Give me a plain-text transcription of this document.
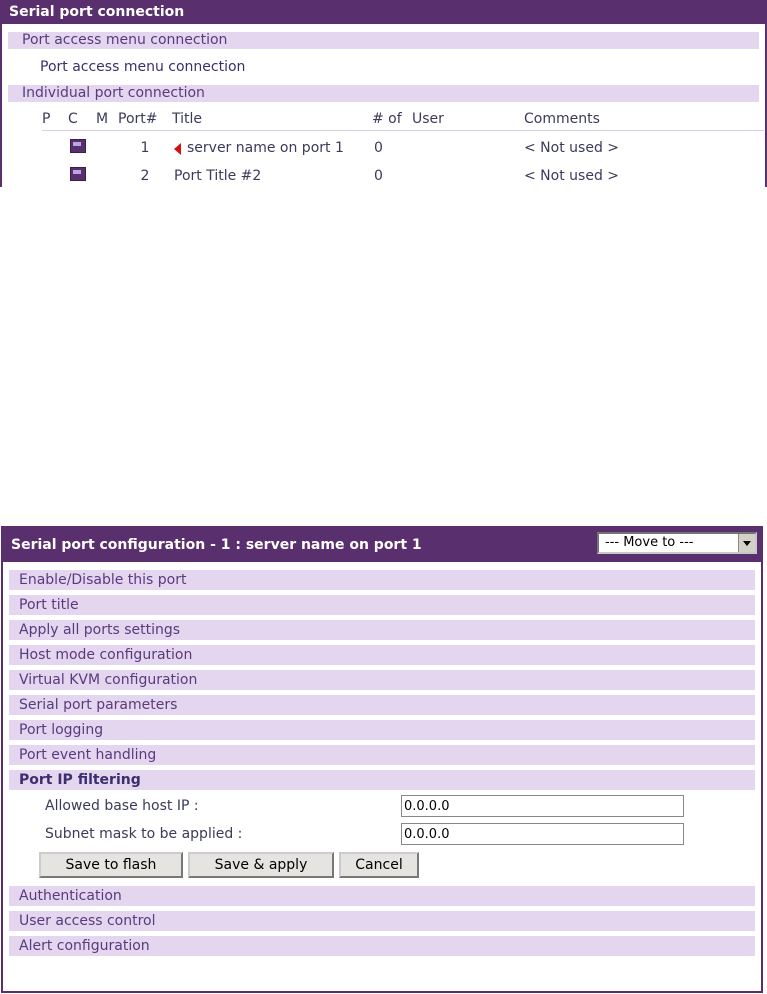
Serial port connection
Port access menu connection
Port access menu connection
Individual port connection
P	C	M	Port#	Title	# of	User	Comments
			1	server name on port 1	0		< Not used >
			2	Port Title #2	0		< Not used >
Serial port configuration - 1 : server name on port 1	--- Move to ---
Enable/Disable this port
Port title
Apply all ports settings
Host mode configuration
Virtual KVM configuration
Serial port parameters
Port logging
Port event handling
Port IP filtering
Allowed base host IP :
0.0.0.0
Subnet mask to be applied :
0.0.0.0
Save to flash	Save & apply	Cancel
Authentication
User access control
Alert configuration
